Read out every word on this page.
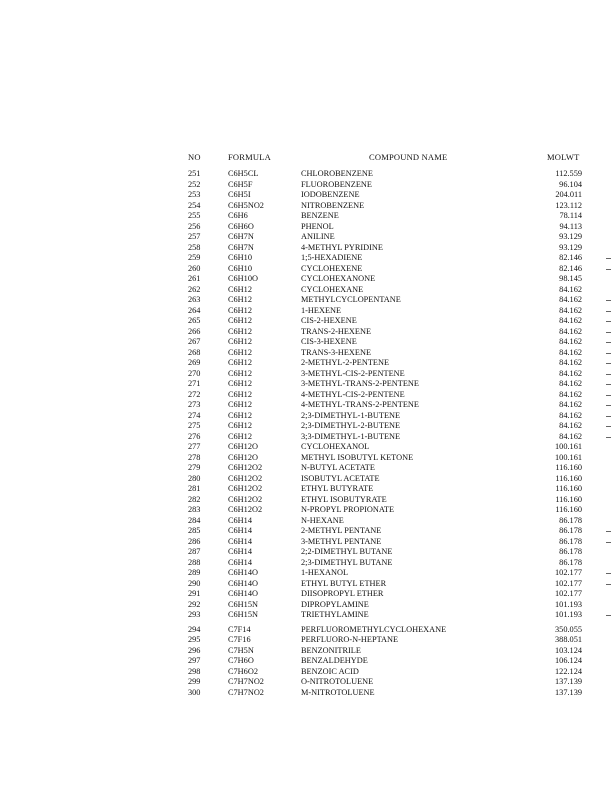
NO	FORMULA	COMPOUND NAME	MOLWT
251	C6H5CL	CHLOROBENZENE	112.559
252	C6H5F	FLUOROBENZENE	96.104
253	C6H5I	IODOBENZENE	204.011
254	C6H5NO2	NITROBENZENE	123.112
255	C6H6	BENZENE	78.114
256	C6H6O	PHENOL	94.113
257	C6H7N	ANILINE	93.129
258	C6H7N	4-METHYL PYRIDINE	93.129
259	C6H10	1;5-HEXADIENE	82.146
260	C6H10	CYCLOHEXENE	82.146
261	C6H10O	CYCLOHEXANONE	98.145
262	C6H12	CYCLOHEXANE	84.162
263	C6H12	METHYLCYCLOPENTANE	84.162
264	C6H12	1-HEXENE	84.162
265	C6H12	CIS-2-HEXENE	84.162
266	C6H12	TRANS-2-HEXENE	84.162
267	C6H12	CIS-3-HEXENE	84.162
268	C6H12	TRANS-3-HEXENE	84.162
269	C6H12	2-METHYL-2-PENTENE	84.162
270	C6H12	3-METHYL-CIS-2-PENTENE	84.162
271	C6H12	3-METHYL-TRANS-2-PENTENE	84.162
272	C6H12	4-METHYL-CIS-2-PENTENE	84.162
273	C6H12	4-METHYL-TRANS-2-PENTENE	84.162
274	C6H12	2;3-DIMETHYL-1-BUTENE	84.162
275	C6H12	2;3-DIMETHYL-2-BUTENE	84.162
276	C6H12	3;3-DIMETHYL-1-BUTENE	84.162
277	C6H12O	CYCLOHEXANOL	100.161
278	C6H12O	METHYL ISOBUTYL KETONE	100.161
279	C6H12O2	N-BUTYL ACETATE	116.160
280	C6H12O2	ISOBUTYL ACETATE	116.160
281	C6H12O2	ETHYL BUTYRATE	116.160
282	C6H12O2	ETHYL ISOBUTYRATE	116.160
283	C6H12O2	N-PROPYL PROPIONATE	116.160
284	C6H14	N-HEXANE	86.178
285	C6H14	2-METHYL PENTANE	86.178
286	C6H14	3-METHYL PENTANE	86.178
287	C6H14	2;2-DIMETHYL BUTANE	86.178
288	C6H14	2;3-DIMETHYL BUTANE	86.178
289	C6H14O	1-HEXANOL	102.177
290	C6H14O	ETHYL BUTYL ETHER	102.177
291	C6H14O	DIISOPROPYL ETHER	102.177
292	C6H15N	DIPROPYLAMINE	101.193
293	C6H15N	TRIETHYLAMINE	101.193
294	C7F14	PERFLUOROMETHYLCYCLOHEXANE	350.055
295	C7F16	PERFLUORO-N-HEPTANE	388.051
296	C7H5N	BENZONITRILE	103.124
297	C7H6O	BENZALDEHYDE	106.124
298	C7H6O2	BENZOIC ACID	122.124
299	C7H7NO2	O-NITROTOLUENE	137.139
300	C7H7NO2	M-NITROTOLUENE	137.139
